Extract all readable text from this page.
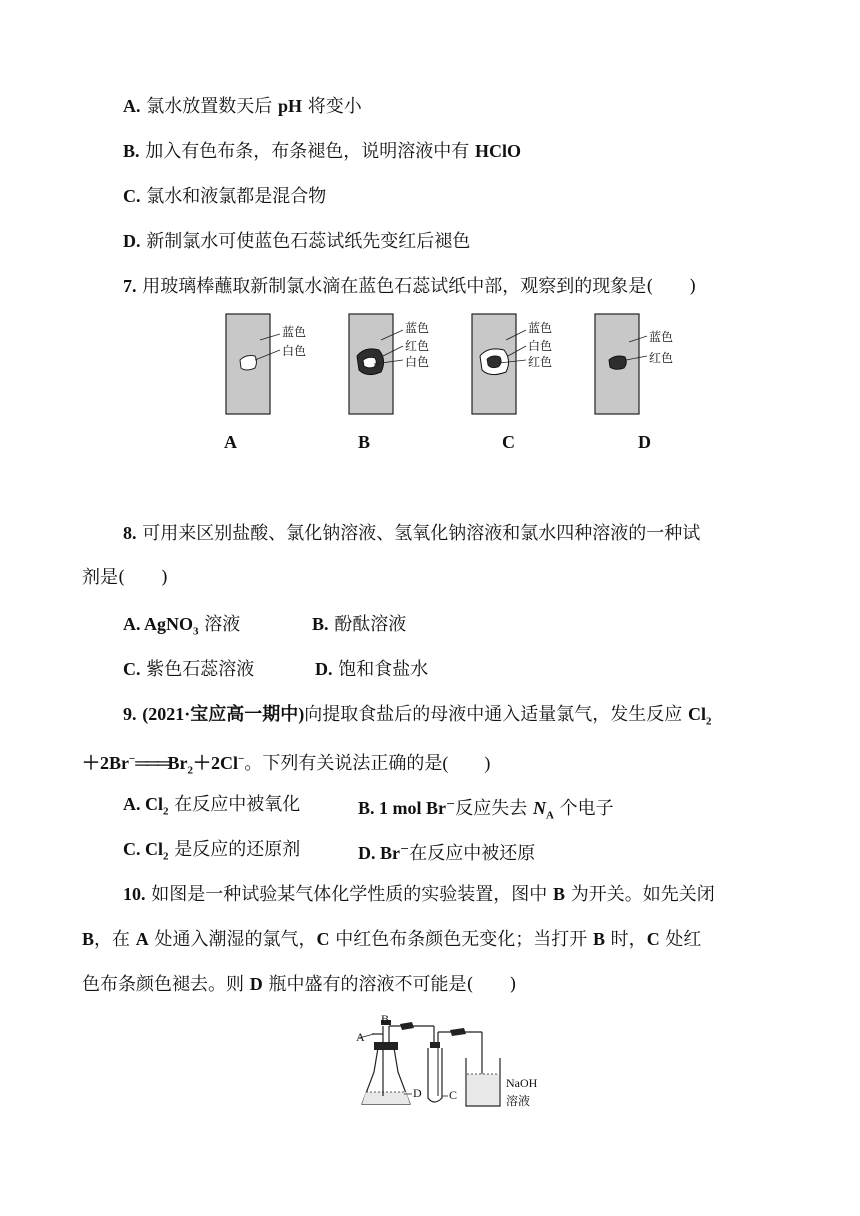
A. 氯水放置数天后 pH 将变小
B. 加入有色布条，布条褪色，说明溶液中有 HClO
C. 氯水和液氯都是混合物
D. 新制氯水可使蓝色石蕊试纸先变红后褪色
7. 用玻璃棒蘸取新制氯水滴在蓝色石蕊试纸中部，观察到的现象是(　　)
蓝色
白色
A
蓝色
红色
白色
B
蓝色
白色
红色
C
蓝色
红色
D
8. 可用来区别盐酸、氯化钠溶液、氢氧化钠溶液和氯水四种溶液的一种试
剂是(　　)
A. AgNO$_3$ 溶液	B. 酚酞溶液
C. 紫色石蕊溶液	D. 饱和食盐水
9. (2021·宝应高一期中)向提取食盐后的母液中通入适量氯气，发生反应 $Cl_2$
$+2Br^-═══Br_2+2Cl^-$。下列有关说法正确的是(　　)
A. $Cl_2$ 在反应中被氧化	B. 1 mol Br−反应失去 $N_A$ 个电子
C. $Cl_2$ 是反应的还原剂	D. Br−在反应中被还原
10. 如图是一种试验某气体化学性质的实验装置，图中 B 为开关。如先关闭
B，在 A 处通入潮湿的氯气，C 中红色布条颜色无变化；当打开 B 时，C 处红
色布条颜色褪去。则 D 瓶中盛有的溶液不可能是(　　)
A
B
D C
NaOH
溶液
